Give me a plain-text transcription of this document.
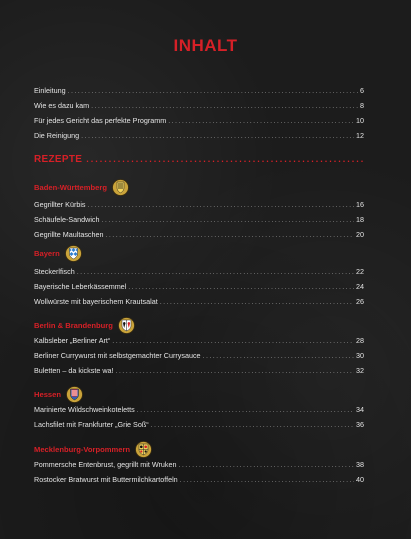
INHALT
Einleitung .....	6
Wie es dazu kam .....	8
Für jedes Gericht das perfekte Programm .....	10
Die Reinigung .....	12
REZEPTE
.....
Baden-Württemberg
Gegrillter Kürbis .....	16
Schäufele-Sandwich .....	18
Gegrillte Maultaschen .....	20
Bayern
Steckerlfisch .....	22
Bayerische Leberkässemmel .....	24
Wollwürste mit bayerischem Krautsalat .....	26
Berlin & Brandenburg
Kalbsleber „Berliner Art“ .....	28
Berliner Currywurst mit selbstgemachter Currysauce .....	30
Buletten – da kickste wa! .....	32
Hessen
Marinierte Wildschweinkoteletts .....	34
Lachsfilet mit Frankfurter „Grie Soß“ .....	36
Mecklenburg-Vorpommern
Pommersche Entenbrust, gegrillt mit Wruken .....	38
Rostocker Bratwurst mit Buttermilchkartoffeln .....	40
